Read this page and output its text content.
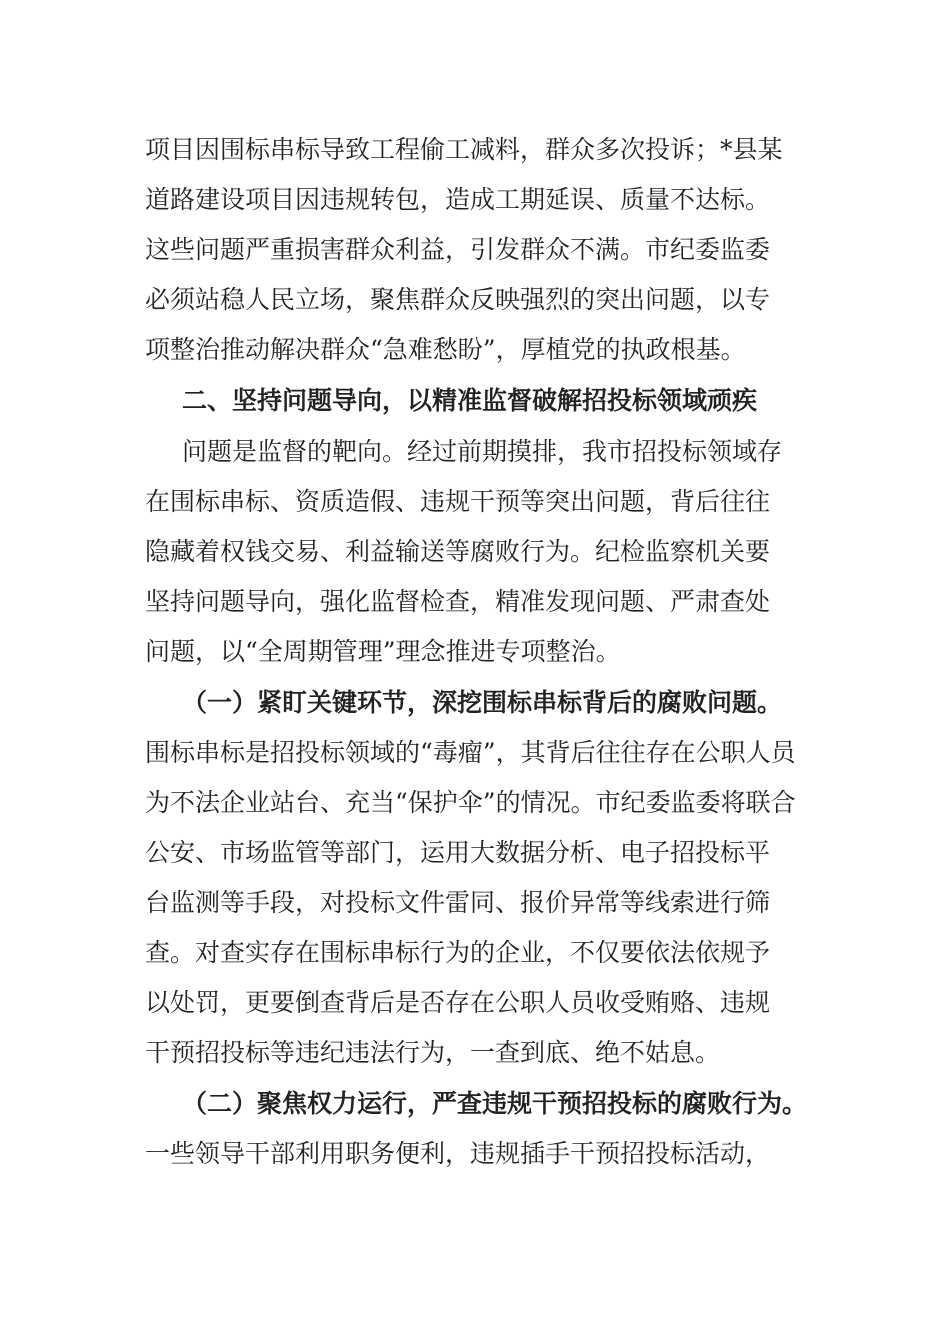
项目因围标串标导致工程偷工减料，群众多次投诉；*县某
道路建设项目因违规转包，造成工期延误、质量不达标。
这些问题严重损害群众利益，引发群众不满。市纪委监委
必须站稳人民立场，聚焦群众反映强烈的突出问题，以专
项整治推动解决群众“急难愁盼”，厚植党的执政根基。
二、坚持问题导向，以精准监督破解招投标领域顽疾
问题是监督的靶向。经过前期摸排，我市招投标领域存
在围标串标、资质造假、违规干预等突出问题，背后往往
隐藏着权钱交易、利益输送等腐败行为。纪检监察机关要
坚持问题导向，强化监督检查，精准发现问题、严肃查处
问题，以“全周期管理”理念推进专项整治。
（一）紧盯关键环节，深挖围标串标背后的腐败问题。
围标串标是招投标领域的“毒瘤”，其背后往往存在公职人员
为不法企业站台、充当“保护伞”的情况。市纪委监委将联合
公安、市场监管等部门，运用大数据分析、电子招投标平
台监测等手段，对投标文件雷同、报价异常等线索进行筛
查。对查实存在围标串标行为的企业，不仅要依法依规予
以处罚，更要倒查背后是否存在公职人员收受贿赂、违规
干预招投标等违纪违法行为，一查到底、绝不姑息。
（二）聚焦权力运行，严查违规干预招投标的腐败行为。
一些领导干部利用职务便利，违规插手干预招投标活动，
